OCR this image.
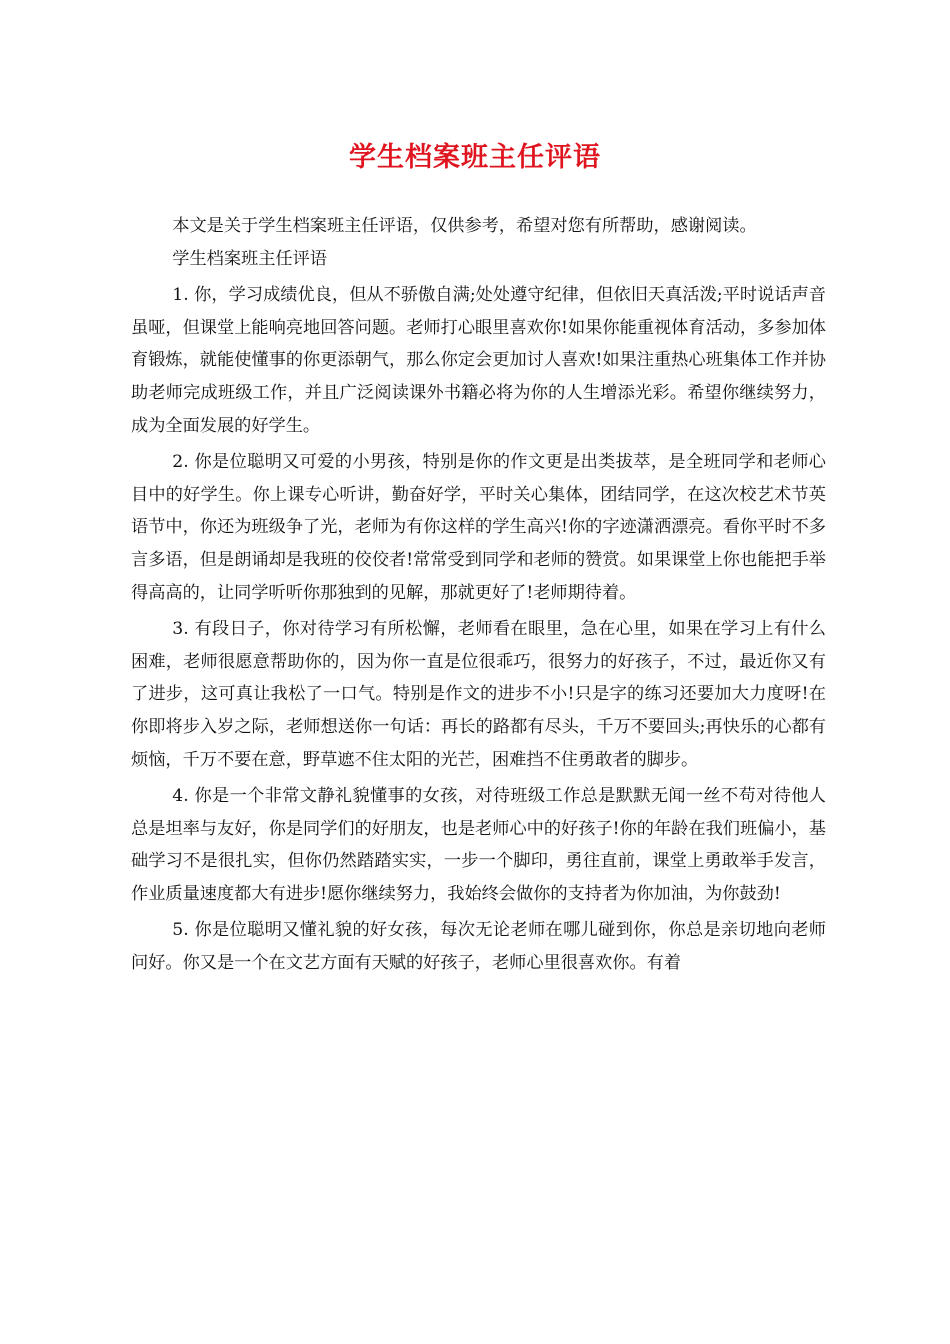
学生档案班主任评语

本文是关于学生档案班主任评语，仅供参考，希望对您有所帮助，感谢阅读。

学生档案班主任评语

1. 你，学习成绩优良，但从不骄傲自满;处处遵守纪律，但依旧天真活泼;平时说话声音虽哑，但课堂上能响亮地回答问题。老师打心眼里喜欢你!如果你能重视体育活动，多参加体育锻炼，就能使懂事的你更添朝气，那么你定会更加讨人喜欢!如果注重热心班集体工作并协助老师完成班级工作，并且广泛阅读课外书籍必将为你的人生增添光彩。希望你继续努力，成为全面发展的好学生。

2. 你是位聪明又可爱的小男孩，特别是你的作文更是出类拔萃，是全班同学和老师心目中的好学生。你上课专心听讲，勤奋好学，平时关心集体，团结同学，在这次校艺术节英语节中，你还为班级争了光，老师为有你这样的学生高兴!你的字迹潇洒漂亮。看你平时不多言多语，但是朗诵却是我班的佼佼者!常常受到同学和老师的赞赏。如果课堂上你也能把手举得高高的，让同学听听你那独到的见解，那就更好了!老师期待着。

3. 有段日子，你对待学习有所松懈，老师看在眼里，急在心里，如果在学习上有什么困难，老师很愿意帮助你的，因为你一直是位很乖巧，很努力的好孩子，不过，最近你又有了进步，这可真让我松了一口气。特别是作文的进步不小!只是字的练习还要加大力度呀!在你即将步入岁之际，老师想送你一句话：再长的路都有尽头，千万不要回头;再快乐的心都有烦恼，千万不要在意，野草遮不住太阳的光芒，困难挡不住勇敢者的脚步。

4. 你是一个非常文静礼貌懂事的女孩，对待班级工作总是默默无闻一丝不苟对待他人总是坦率与友好，你是同学们的好朋友，也是老师心中的好孩子!你的年龄在我们班偏小，基础学习不是很扎实，但你仍然踏踏实实，一步一个脚印，勇往直前，课堂上勇敢举手发言，作业质量速度都大有进步!愿你继续努力，我始终会做你的支持者为你加油，为你鼓劲!

5. 你是位聪明又懂礼貌的好女孩，每次无论老师在哪儿碰到你，你总是亲切地向老师问好。你又是一个在文艺方面有天赋的好孩子，老师心里很喜欢你。有着
